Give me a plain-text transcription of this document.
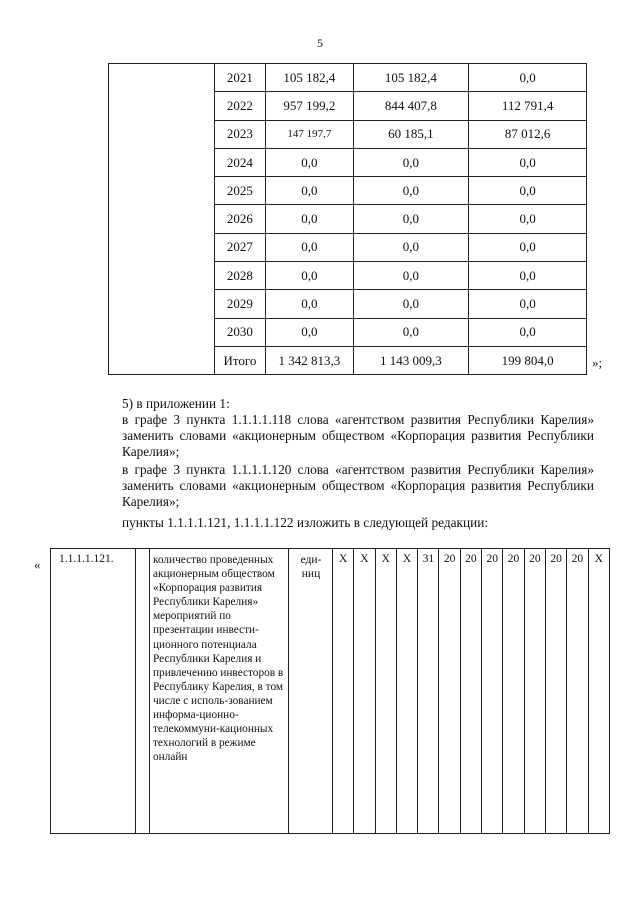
5
	2021	105 182,4	105 182,4	0,0
	2022	957 199,2	844 407,8	112 791,4
	2023	147 197,7	60 185,1	87 012,6
	2024	0,0	0,0	0,0
	2025	0,0	0,0	0,0
	2026	0,0	0,0	0,0
	2027	0,0	0,0	0,0
	2028	0,0	0,0	0,0
	2029	0,0	0,0	0,0
	2030	0,0	0,0	0,0
	Итого	1 342 813,3	1 143 009,3	199 804,0	»;

5) в приложении 1:

в графе 3 пункта 1.1.1.1.118 слова «агентством развития Республики Карелия» заменить словами «акционерным обществом «Корпорация развития Республики Карелия»;

в графе 3 пункта 1.1.1.1.120 слова «агентством развития Республики Карелия» заменить словами «акционерным обществом «Корпорация развития Республики Карелия»;

пункты 1.1.1.1.121, 1.1.1.1.122 изложить в следующей редакции:

« 1.1.1.1.121.		количество проведенных акционерным обществом «Корпорация развития Республики Карелия» мероприятий по презентации инвести-ционного потенциала Республики Карелия и привлечению инвесторов в Республику Карелия, в том числе с исполь-зованием информа-ционно-телекоммуни-кационных технологий в режиме онлайн	еди-ниц	X	X	X	X	31	20	20	20	20	20	20	20	X
